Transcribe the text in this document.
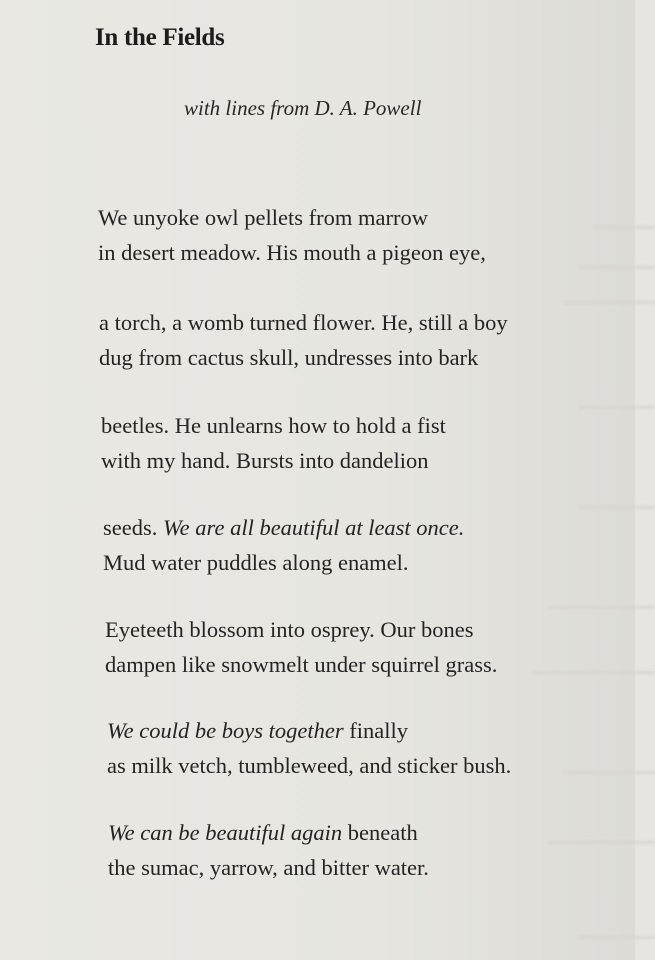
▁▁▁▁
▁▁▁▁▁
▁▁▁▁▁▁
▁▁▁▁▁
▁▁▁▁▁
▁▁▁▁▁▁▁
▁▁▁▁▁▁▁▁
▁▁▁▁▁▁
▁▁▁▁▁▁▁
▁▁▁▁▁
In the Fields
with lines from D. A. Powell
We unyoke owl pellets from marrow
in desert meadow. His mouth a pigeon eye,
a torch, a womb turned flower. He, still a boy
dug from cactus skull, undresses into bark
beetles. He unlearns how to hold a fist
with my hand. Bursts into dandelion
seeds. We are all beautiful at least once.
Mud water puddles along enamel.
Eyeteeth blossom into osprey. Our bones
dampen like snowmelt under squirrel grass.
We could be boys together finally
as milk vetch, tumbleweed, and sticker bush.
We can be beautiful again beneath
the sumac, yarrow, and bitter water.
